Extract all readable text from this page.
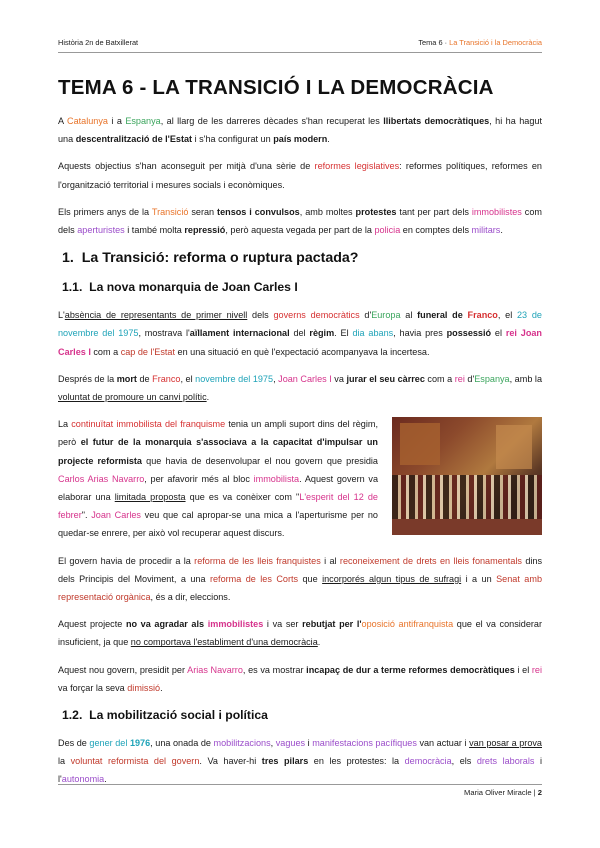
Història 2n de Batxillerat	Tema 6 · La Transició i la Democràcia
TEMA 6 - LA TRANSICIÓ I LA DEMOCRÀCIA

A Catalunya i a Espanya, al llarg de les darreres dècades s'han recuperat les llibertats democràtiques, hi ha hagut una descentralització de l'Estat i s'ha configurat un país modern.

Aquests objectius s'han aconseguit per mitjà d'una sèrie de reformes legislatives: reformes polítiques, reformes en l'organització territorial i mesures socials i econòmiques.

Els primers anys de la Transició seran tensos i convulsos, amb moltes protestes tant per part dels immobilistes com dels aperturistes i també molta repressió, però aquesta vegada per part de la policia en comptes dels militars.

1. La Transició: reforma o ruptura pactada?
1.1. La nova monarquia de Joan Carles I

L'absència de representants de primer nivell dels governs democràtics d'Europa al funeral de Franco, el 23 de novembre del 1975, mostrava l'aïllament internacional del règim. El dia abans, havia pres possessió el rei Joan Carles I com a cap de l'Estat en una situació en què l'expectació acompanyava la incertesa.

Després de la mort de Franco, el novembre del 1975, Joan Carles I va jurar el seu càrrec com a rei d'Espanya, amb la voluntat de promoure un canvi polític.

La continuïtat immobilista del franquisme tenia un ampli suport dins del règim, però el futur de la monarquia s'associava a la capacitat d'impulsar un projecte reformista que havia de desenvolupar el nou govern que presidia Carlos Arias Navarro, per afavorir més al bloc immobilista. Aquest govern va elaborar una limitada proposta que es va conèixer com "L'esperit del 12 de febrer". Joan Carles veu que cal apropar-se una mica a l'aperturisme per no quedar-se enrere, per això vol recuperar aquest discurs.

El govern havia de procedir a la reforma de les lleis franquistes i al reconeixement de drets en lleis fonamentals dins dels Principis del Moviment, a una reforma de les Corts que incorporés algun tipus de sufragi i a un Senat amb representació orgànica, és a dir, eleccions.

Aquest projecte no va agradar als immobilistes i va ser rebutjat per l'oposició antifranquista que el va considerar insuficient, ja que no comportava l'establiment d'una democràcia.

Aquest nou govern, presidit per Arias Navarro, es va mostrar incapaç de dur a terme reformes democràtiques i el rei va forçar la seva dimissió.

1.2. La mobilització social i política

Des de gener del 1976, una onada de mobilitzacions, vagues i manifestacions pacífiques van actuar i van posar a prova la voluntat reformista del govern. Va haver-hi tres pilars en les protestes: la democràcia, els drets laborals i l'autonomia.

Maria Oliver Miracle | 2
